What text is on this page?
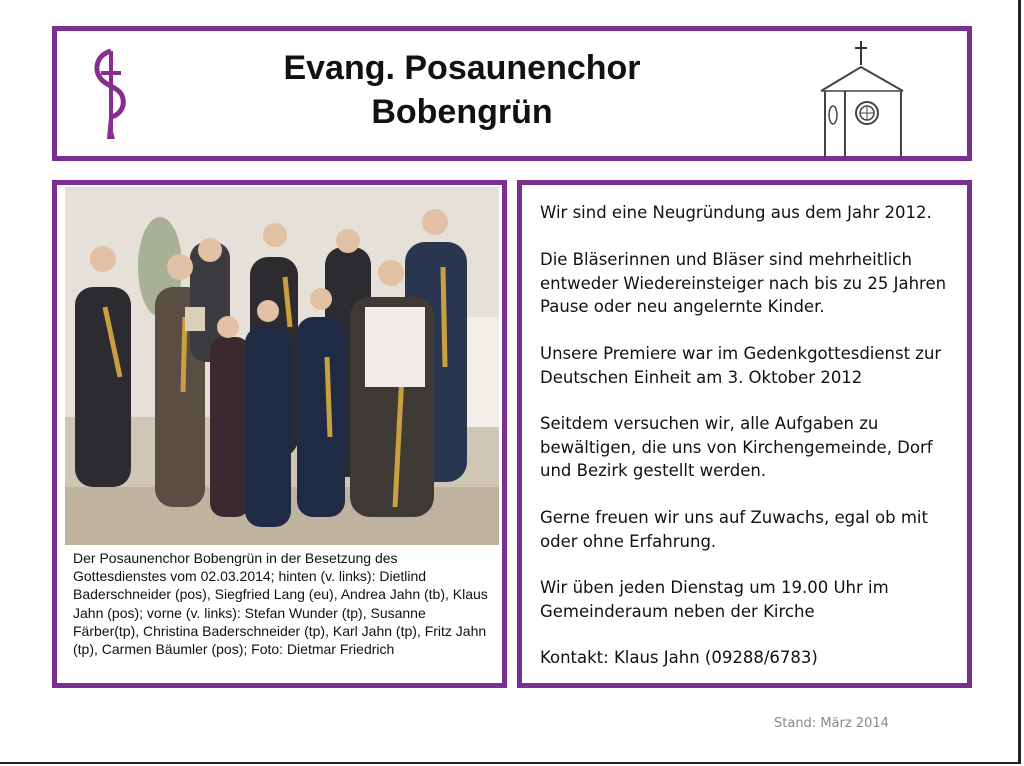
Evang. Posaunenchor
Bobengrün
Der Posaunenchor Bobengrün in der Besetzung des Gottesdienstes vom 02.03.2014; hinten (v. links): Dietlind Baderschneider (pos), Siegfried Lang (eu), Andrea Jahn (tb), Klaus Jahn (pos); vorne (v. links): Stefan Wunder (tp), Susanne Färber(tp), Christina Baderschneider (tp), Karl Jahn (tp), Fritz Jahn (tp), Carmen Bäumler (pos); Foto: Dietmar Friedrich
Wir sind eine Neugründung aus dem Jahr 2012.
Die Bläserinnen und Bläser sind mehrheitlich entweder Wiedereinsteiger nach bis zu 25 Jahren Pause oder neu angelernte Kinder.
Unsere Premiere war im Gedenkgottesdienst zur Deutschen Einheit am 3. Oktober 2012
Seitdem versuchen wir, alle Aufgaben zu bewältigen, die uns von Kirchengemeinde, Dorf und Bezirk gestellt werden.
Gerne freuen wir uns auf Zuwachs, egal ob mit oder ohne Erfahrung.
Wir üben jeden Dienstag um 19.00 Uhr im Gemeinderaum neben der Kirche
Kontakt: Klaus Jahn (09288/6783)
Stand: März 2014
